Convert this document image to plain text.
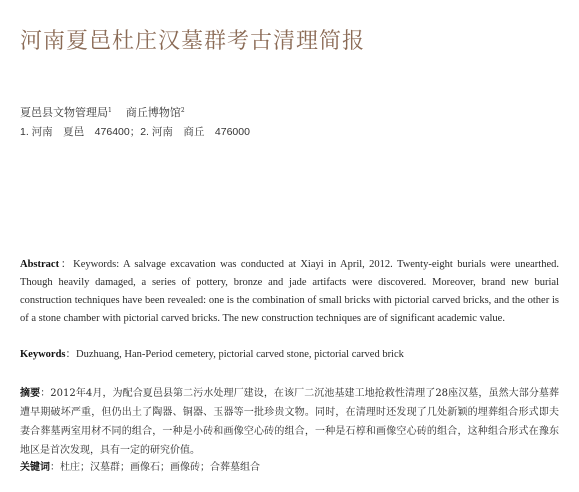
河南夏邑杜庄汉墓群考古清理简报
夏邑县文物管理局$^1$ 商丘博物馆$^2$
1. 河南　夏邑　476400；2. 河南　商丘　476000
Abstract：Keywords: A salvage excavation was conducted at Xiayi in April, 2012. Twenty-eight burials were unearthed. Though heavily damaged, a series of pottery, bronze and jade artifacts were discovered. Moreover, brand new burial construction techniques have been revealed: one is the combination of small bricks with pictorial carved bricks, and the other is of a stone chamber with pictorial carved bricks. The new construction techniques are of significant academic value.
Keywords：Duzhuang, Han-Period cemetery, pictorial carved stone, pictorial carved brick
摘要：2012年4月，为配合夏邑县第二污水处理厂建设，在该厂二沉池基建工地抢救性清理了28座汉墓，虽然大部分墓葬遭早期破坏严重，但仍出土了陶器、铜器、玉器等一批珍贵文物。同时，在清理时还发现了几处新颖的埋葬组合形式即夫妻合葬墓两室用材不同的组合，一种是小砖和画像空心砖的组合，一种是石椁和画像空心砖的组合，这种组合形式在豫东地区是首次发现，具有一定的研究价值。
关键词：杜庄；汉墓群；画像石；画像砖；合葬墓组合
